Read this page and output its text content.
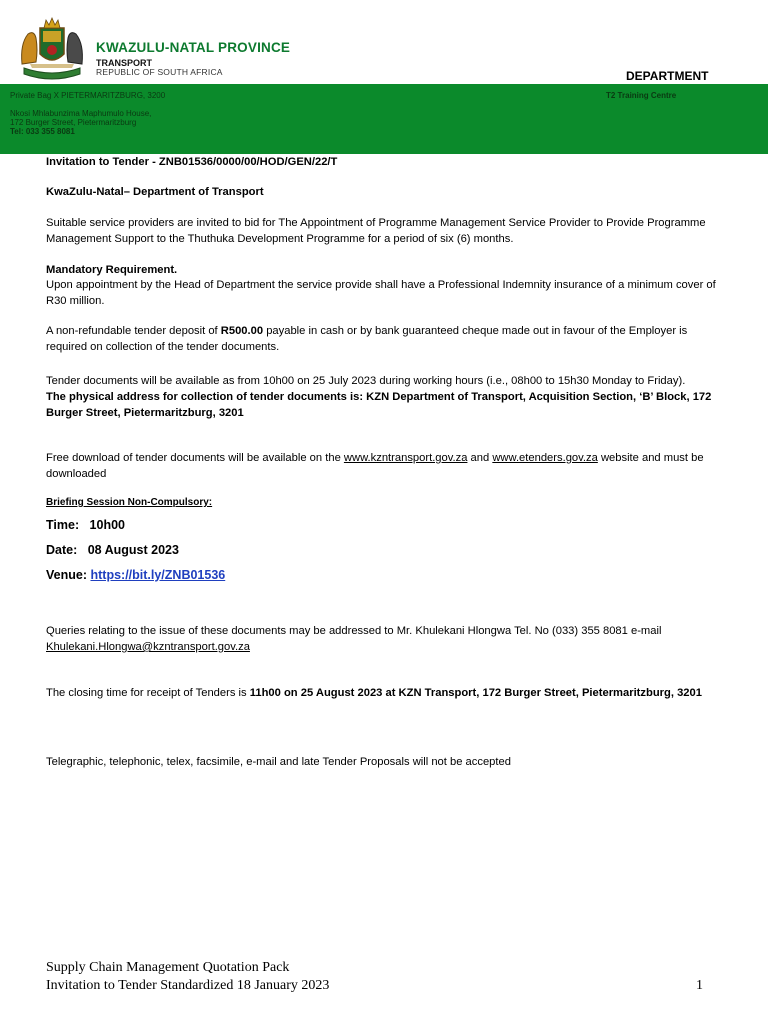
KWAZULU-NATAL PROVINCE
TRANSPORT
REPUBLIC OF SOUTH AFRICA	DEPARTMENT
Private Bag X PIETERMARITZBURG, 3200
Nkosi Mhlabunzima Maphumulo House,
172 Burger Street, Pietermaritzburg
Tel: 033 355 8081
T2 Training Centre
Invitation to Tender - ZNB01536/0000/00/HOD/GEN/22/T
KwaZulu-Natal– Department of Transport
Suitable service providers are invited to bid for The Appointment of Programme Management Service Provider to Provide Programme Management Support to the Thuthuka Development Programme for a period of six (6) months.
Mandatory Requirement.
Upon appointment by the Head of Department the service provide shall have a Professional Indemnity insurance of a minimum cover of R30 million.
A non-refundable tender deposit of R500.00 payable in cash or by bank guaranteed cheque made out in favour of the Employer is required on collection of the tender documents.
Tender documents will be available as from 10h00 on 25 July 2023 during working hours (i.e., 08h00 to 15h30 Monday to Friday).
The physical address for collection of tender documents is: KZN Department of Transport, Acquisition Section, ‘B’ Block, 172 Burger Street, Pietermaritzburg, 3201
Free download of tender documents will be available on the www.kzntransport.gov.za and www.etenders.gov.za website and must be downloaded
Briefing Session Non-Compulsory:
Time: 10h00
Date: 08 August 2023
Venue: https://bit.ly/ZNB01536
Queries relating to the issue of these documents may be addressed to Mr. Khulekani Hlongwa Tel. No (033) 355 8081 e-mail
Khulekani.Hlongwa@kzntransport.gov.za
The closing time for receipt of Tenders is 11h00 on 25 August 2023 at KZN Transport, 172 Burger Street, Pietermaritzburg, 3201
Telegraphic, telephonic, telex, facsimile, e-mail and late Tender Proposals will not be accepted
Supply Chain Management Quotation Pack
Invitation to Tender Standardized 18 January 2023	1
